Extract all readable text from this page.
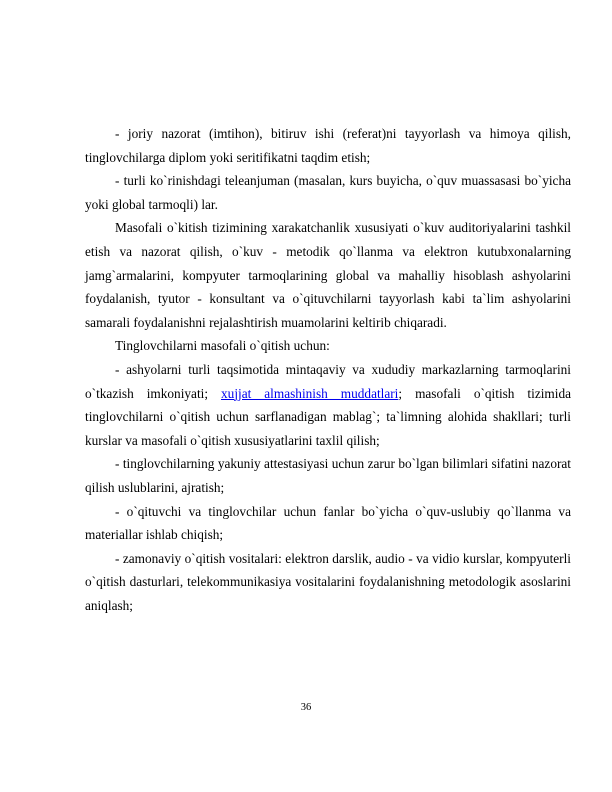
- joriy nazorat (imtihon), bitiruv ishi (referat)ni tayyorlash va himoya qilish, tinglovchilarga diplom yoki seritifikatni taqdim etish;

- turli ko`rinishdagi teleanjuman (masalan, kurs buyicha, o`quv muassasasi bo`yicha yoki global tarmoqli) lar.

Masofali o`kitish tizimining xarakatchanlik xususiyati o`kuv auditoriyalarini tashkil etish va nazorat qilish, o`kuv - metodik qo`llanma va elektron kutubxonalarning jamg`armalarini, kompyuter tarmoqlarining global va mahalliy hisoblash ashyolarini foydalanish, tyutor - konsultant va o`qituvchilarni tayyorlash kabi ta`lim ashyolarini samarali foydalanishni rejalashtirish muamolarini keltirib chiqaradi.

Tinglovchilarni masofali o`qitish uchun:

- ashyolarni turli taqsimotida mintaqaviy va xududiy markazlarning tarmoqlarini o`tkazish imkoniyati; xujjat almashinish muddatlari; masofali o`qitish tizimida tinglovchilarni o`qitish uchun sarflanadigan mablag`; ta`limning alohida shakllari; turli kurslar va masofali o`qitish xususiyatlarini taxlil qilish;

- tinglovchilarning yakuniy attestasiyasi uchun zarur bo`lgan bilimlari sifatini nazorat qilish uslublarini, ajratish;

- o`qituvchi va tinglovchilar uchun fanlar bo`yicha o`quv-uslubiy qo`llanma va materiallar ishlab chiqish;

- zamonaviy o`qitish vositalari: elektron darslik, audio - va vidio kurslar, kompyuterli o`qitish dasturlari, telekommunikasiya vositalarini foydalanishning metodologik asoslarini aniqlash;

36
